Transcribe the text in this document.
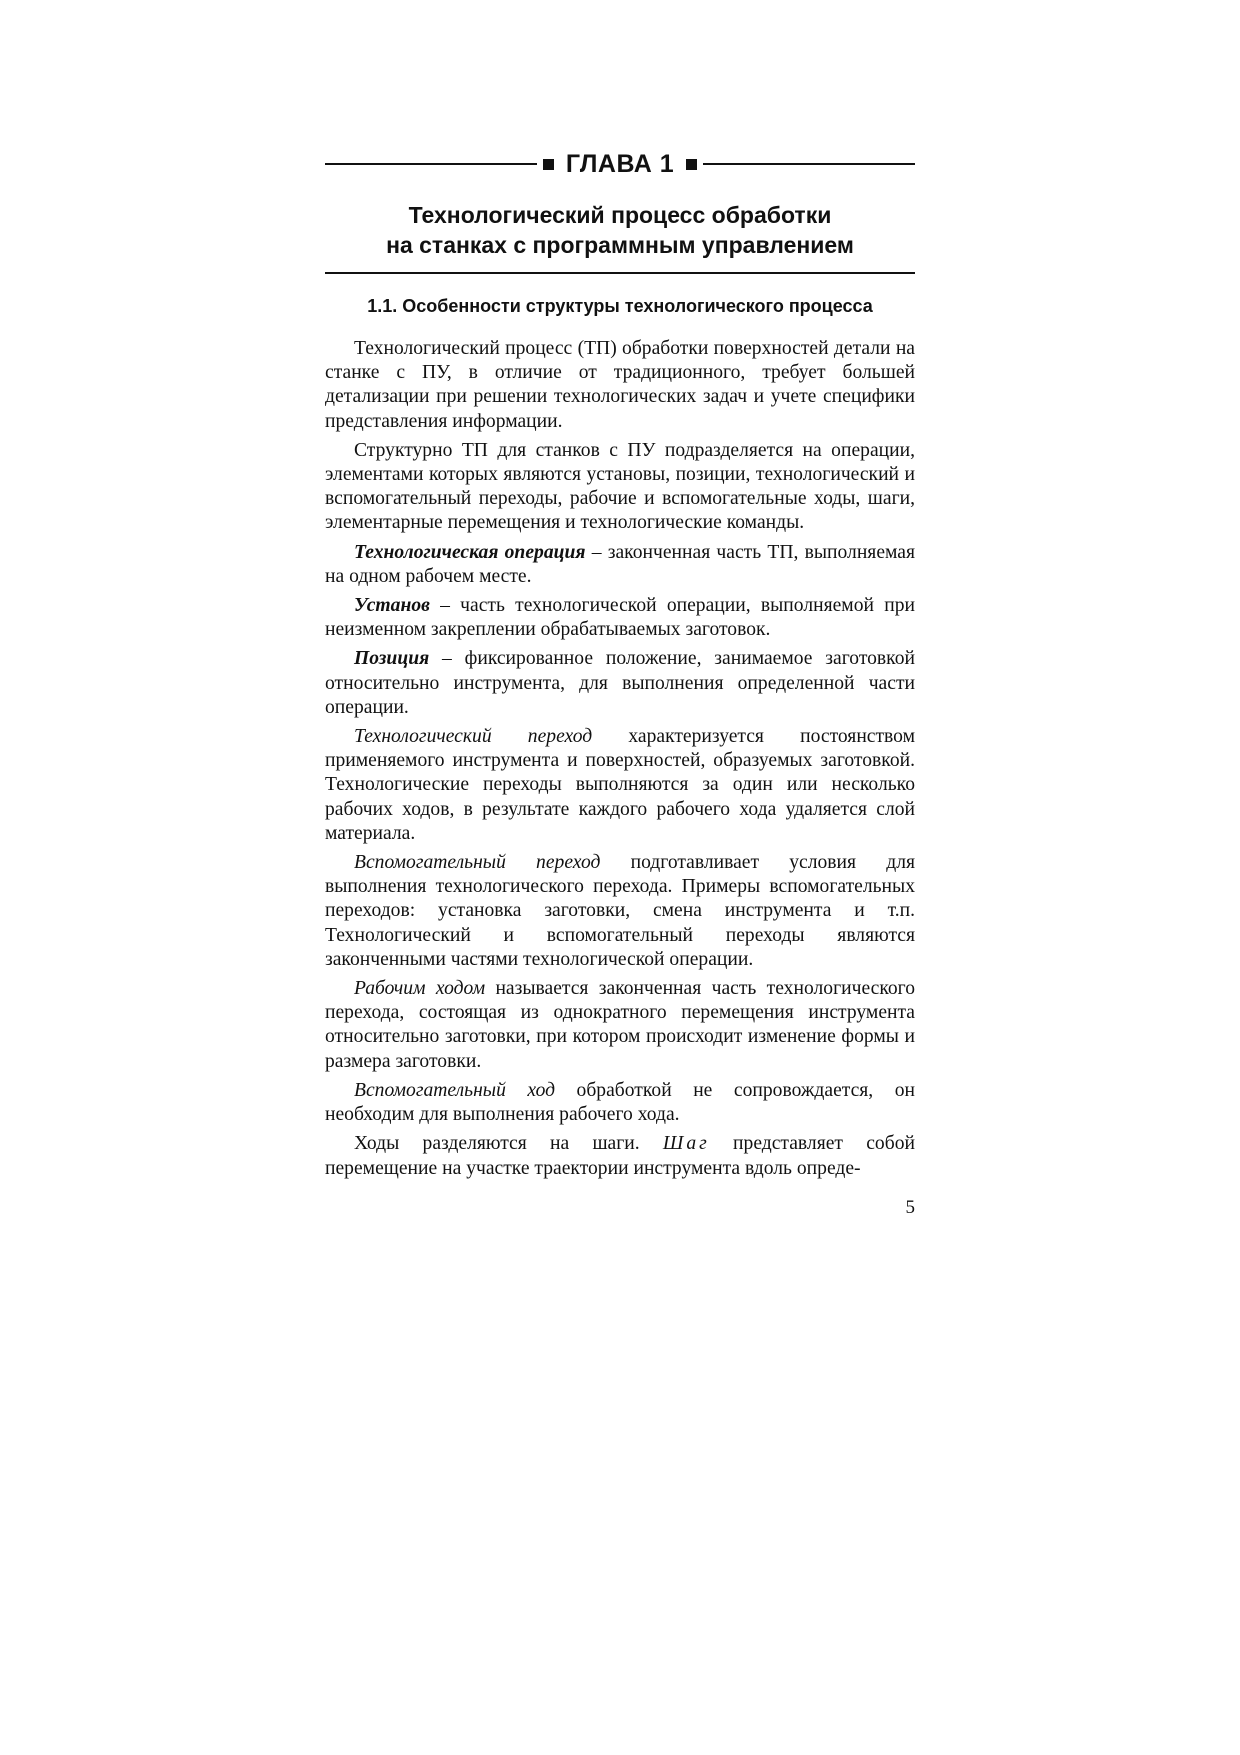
ГЛАВА 1
Технологический процесс обработки
на станках с программным управлением
1.1. Особенности структуры технологического процесса

Технологический процесс (ТП) обработки поверхностей детали на станке с ПУ, в отличие от традиционного, требует большей детализации при решении технологических задач и учете специфики представления информации.

Структурно ТП для станков с ПУ подразделяется на операции, элементами которых являются установы, позиции, технологический и вспомогательный переходы, рабочие и вспомогательные ходы, шаги, элементарные перемещения и технологические команды.

Технологическая операция – законченная часть ТП, выполняемая на одном рабочем месте.

Установ – часть технологической операции, выполняемой при неизменном закреплении обрабатываемых заготовок.

Позиция – фиксированное положение, занимаемое заготовкой относительно инструмента, для выполнения определенной части операции.

Технологический переход характеризуется постоянством применяемого инструмента и поверхностей, образуемых заготовкой. Технологические переходы выполняются за один или несколько рабочих ходов, в результате каждого рабочего хода удаляется слой материала.

Вспомогательный переход подготавливает условия для выполнения технологического перехода. Примеры вспомогательных переходов: установка заготовки, смена инструмента и т.п. Технологический и вспомогательный переходы являются законченными частями технологической операции.

Рабочим ходом называется законченная часть технологического перехода, состоящая из однократного перемещения инструмента относительно заготовки, при котором происходит изменение формы и размера заготовки.

Вспомогательный ход обработкой не сопровождается, он необходим для выполнения рабочего хода.

Ходы разделяются на шаги. Шаг представляет собой перемещение на участке траектории инструмента вдоль опреде-

5
